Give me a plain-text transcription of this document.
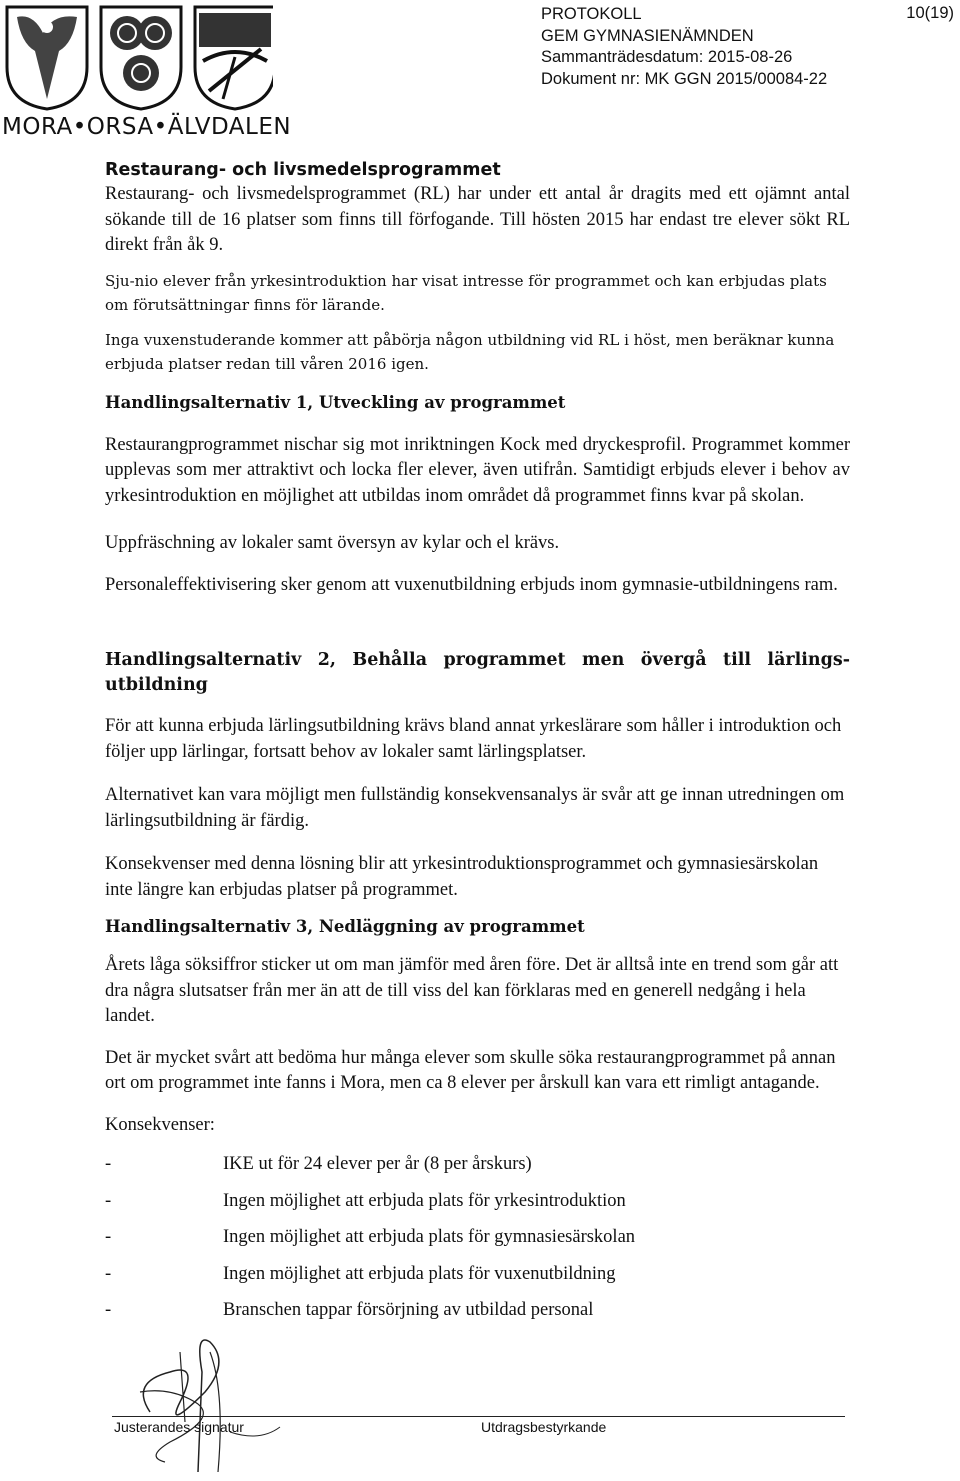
MORA•ORSA•ÄLVDALEN
PROTOKOLL
GEM GYMNASIENÄMNDEN
Sammanträdesdatum: 2015-08-26
Dokument nr: MK GGN 2015/00084-22
10(19)
Restaurang- och livsmedelsprogrammet

Restaurang- och livsmedelsprogrammet (RL) har under ett antal år dragits med ett ojämnt antal sökande till de 16 platser som finns till förfogande. Till hösten 2015 har endast tre elever sökt RL direkt från åk 9.

Sju-nio elever från yrkesintroduktion har visat intresse för programmet och kan erbjudas plats om förutsättningar finns för lärande.

Inga vuxenstuderande kommer att påbörja någon utbildning vid RL i höst, men beräknar kunna erbjuda platser redan till våren 2016 igen.

Handlingsalternativ 1, Utveckling av programmet

Restaurangprogrammet nischar sig mot inriktningen Kock med dryckesprofil. Programmet kommer upplevas som mer attraktivt och locka fler elever, även utifrån. Samtidigt erbjuds elever i behov av yrkesintroduktion en möjlighet att utbildas inom området då programmet finns kvar på skolan.

Uppfräschning av lokaler samt översyn av kylar och el krävs.

Personaleffektivisering sker genom att vuxenutbildning erbjuds inom gymnasie-utbildningens ram.

Handlingsalternativ 2, Behålla programmet men övergå till lärlings-utbildning

För att kunna erbjuda lärlingsutbildning krävs bland annat yrkeslärare som håller i introduktion och följer upp lärlingar, fortsatt behov av lokaler samt lärlingsplatser.

Alternativet kan vara möjligt men fullständig konsekvensanalys är svår att ge innan utredningen om lärlingsutbildning är färdig.

Konsekvenser med denna lösning blir att yrkesintroduktionsprogrammet och gymnasiesärskolan inte längre kan erbjudas platser på programmet.

Handlingsalternativ 3, Nedläggning av programmet

Årets låga söksiffror sticker ut om man jämför med åren före. Det är alltså inte en trend som går att dra några slutsatser från mer än att de till viss del kan förklaras med en generell nedgång i hela landet.

Det är mycket svårt att bedöma hur många elever som skulle söka restaurangprogrammet på annan ort om programmet inte fanns i Mora, men ca 8 elever per årskull kan vara ett rimligt antagande.

Konsekvenser:

-	IKE ut för 24 elever per år (8 per årskurs)
-	Ingen möjlighet att erbjuda plats för yrkesintroduktion
-	Ingen möjlighet att erbjuda plats för gymnasiesärskolan
-	Ingen möjlighet att erbjuda plats för vuxenutbildning
-	Branschen tappar försörjning av utbildad personal
Justerandes signatur	Utdragsbestyrkande
